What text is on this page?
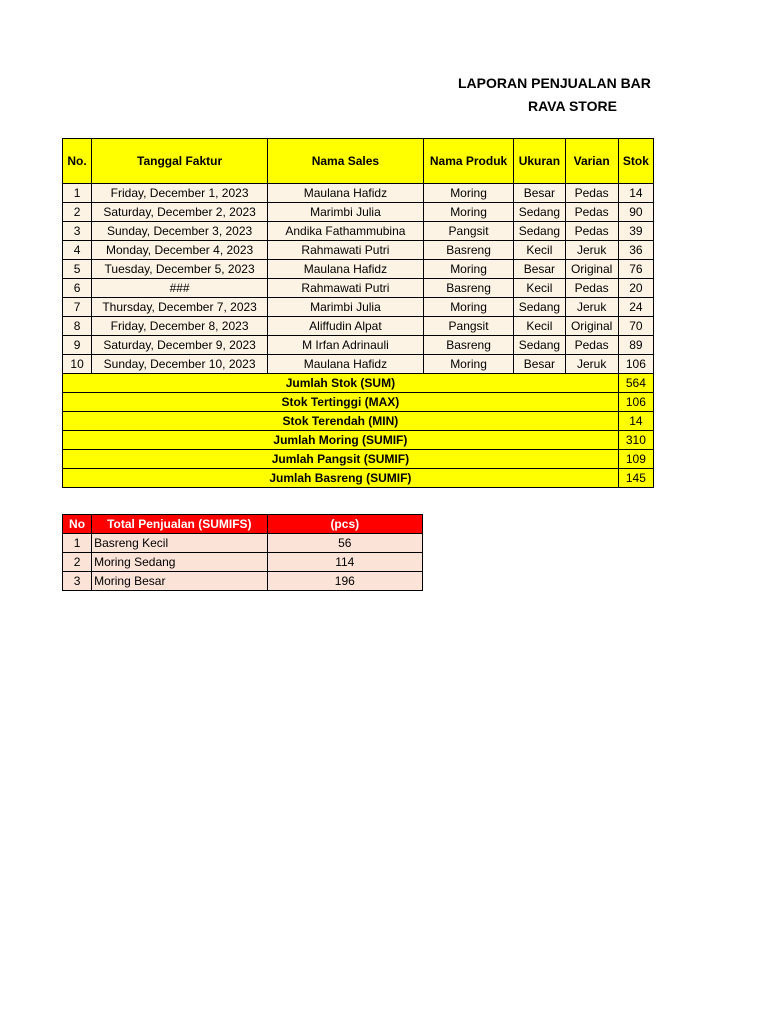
LAPORAN PENJUALAN BAR
RAVA STORE
No.	Tanggal Faktur	Nama Sales	Nama Produk	Ukuran	Varian	Stok
1	Friday, December 1, 2023	Maulana Hafidz	Moring	Besar	Pedas	14
2	Saturday, December 2, 2023	Marimbi Julia	Moring	Sedang	Pedas	90
3	Sunday, December 3, 2023	Andika Fathammubina	Pangsit	Sedang	Pedas	39
4	Monday, December 4, 2023	Rahmawati Putri	Basreng	Kecil	Jeruk	36
5	Tuesday, December 5, 2023	Maulana Hafidz	Moring	Besar	Original	76
6	###	Rahmawati Putri	Basreng	Kecil	Pedas	20
7	Thursday, December 7, 2023	Marimbi Julia	Moring	Sedang	Jeruk	24
8	Friday, December 8, 2023	Aliffudin Alpat	Pangsit	Kecil	Original	70
9	Saturday, December 9, 2023	M Irfan Adrinauli	Basreng	Sedang	Pedas	89
10	Sunday, December 10, 2023	Maulana Hafidz	Moring	Besar	Jeruk	106
Jumlah Stok (SUM)						564
Stok Tertinggi (MAX)						106
Stok Terendah (MIN)						14
Jumlah Moring (SUMIF)						310
Jumlah Pangsit (SUMIF)						109
Jumlah Basreng (SUMIF)						145
No	Total Penjualan (SUMIFS)	(pcs)
1	Basreng Kecil	56
2	Moring Sedang	114
3	Moring Besar	196
